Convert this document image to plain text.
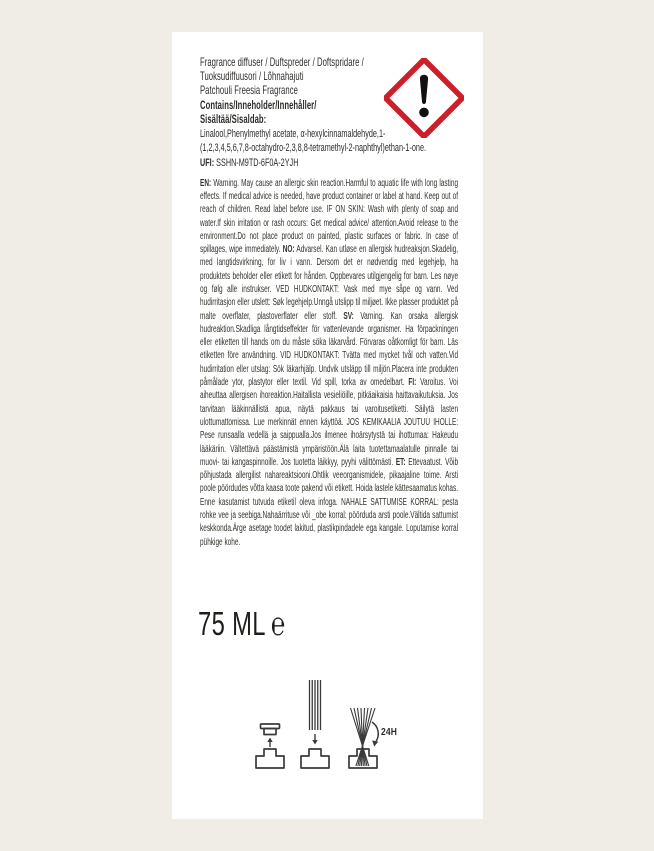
Fragrance diffuser / Duftspreder / Doftspridare /
Tuoksudiffuusori / Lõhnahajuti
Patchouli Freesia Fragrance
Contains/Inneholder/Innehåller/
Sisältää/Sisaldab:
Linalool,Phenylmethyl acetate, α-hexylcinnamaldehyde,1-
(1,2,3,4,5,6,7,8-octahydro-2,3,8,8-tetramethyl-2-naphthyl)ethan-1-one.
UFI: SSHN-M9TD-6F0A-2YJH
EN: Warning. May cause an allergic skin reaction.Harmful to aquatic life with long lasting effects. If medical advice is needed, have product container or label at hand. Keep out of reach of children. Read label before use. IF ON SKIN: Wash with plenty of soap and water.If skin irritation or rash occurs: Get medical advice/ attention.Avoid release to the environment.Do not place product on painted, plastic surfaces or fabric. In case of spillages, wipe immediately. NO: Advarsel. Kan utløse en allergisk hudreaksjon.Skadelig, med langtidsvirkning, for liv i vann. Dersom det er nødvendig med legehjelp, ha produktets beholder eller etikett for hånden. Oppbevares utilgjengelig for barn. Les nøye og følg alle instrukser. VED HUDKONTAKT: Vask med mye såpe og vann. Ved hudirritasjon eller utslett: Søk legehjelp.Unngå utslipp til miljøet. Ikke plasser produktet på malte overflater, plastoverflater eller stoff. SV: Varning. Kan orsaka allergisk hudreaktion.Skadliga långtidseffekter för vattenlevande organismer. Ha förpackningen eller etiketten till hands om du måste söka läkarvård. Förvaras oåtkomligt för barn. Läs etiketten före användning. VID HUDKONTAKT: Tvätta med mycket tvål och vatten.Vid hudirritation eller utslag: Sök läkarhjälp. Undvik utsläpp till miljön.Placera inte produkten påmålade ytor, plastytor eller textil. Vid spill, torka av omedelbart. FI: Varoitus. Voi aiheuttaa allergisen ihoreaktion.Haitallista vesieliöille, pitkäaikaisia haittavaikutuksia. Jos tarvitaan lääkinnällistä apua, näytä pakkaus tai varoitusetiketti. Säilytä lasten ulottumattomissa. Lue merkinnät ennen käyttöä. JOS KEMIKAALIA JOUTUU IHOLLE: Pese runsaalla vedellä ja saippualla.Jos ilmenee ihoärsytystä tai ihottumaa: Hakeudu lääkäriin. Vältettävä päästämistä ympäristöön.Älä laita tuotettamaalatulle pinnalle tai muovi- tai kangaspinnoille. Jos tuotetta läikkyy, pyyhi välittömästi. ET: Ettevaatust. Võib põhjustada allergilist nahareaktsiooni.Ohtlik veeorganismidele, pikaajaline toime. Arsti poole pöördudes võtta kaasa toote pakend või etikett. Hoida lastele kättesaamatus kohas. Enne kasutamist tutvuda etiketil oleva infoga. NAHALE SATTUMISE KORRAL: pesta rohke vee ja seebiga.Nahaärrituse või _obe korral: pöörduda arsti poole.Vältida sattumist keskkonda.Ärge asetage toodet lakitud, plastikpindadele ega kangale. Loputamise korral pühkige kohe.
75 ML ℮
24H
